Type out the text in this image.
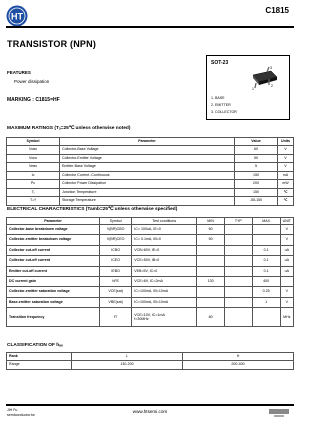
HT
C1815
TRANSISTOR (NPN)
FEATURES
Power dissipation
MARKING : C1815=HF
SOT-23
1
2
3
1. BASE
2. EMITTER
3. COLLECTOR
MAXIMUM RATINGS (Tₐ=25℃ unless otherwise noted)
Symbol	Parameter	Value	Units
Vᴄʙᴏ	Collector-Base Voltage	60	V
Vᴄᴇᴏ	Collector-Emitter Voltage	50	V
Vᴇʙᴏ	Emitter-Base Voltage	5	V
Iᴄ	Collector Current -Continuous	150	mA
Pᴄ	Collector Power Dissipation	200	mW
Tⱼ	Junction Temperature	150	℃
Tₛₜᵍ	Storage Temperature	-55-150	℃
ELECTRICAL CHARACTERISTICS (Tamb=25℃ unless otherwise specified)
Parameter	Symbol	Test conditions	MIN	TYP	MAX	UNIT
Collector-base breakdown voltage	V(BR)CBO	IC= 100uA, IE=0	60			V
Collector-emitter breakdown voltage	V(BR)CEO	IC= 0.1mA, IB=0	50			V
Collector cut-off current	ICBO	VCB=60V, IE=0			0.1	uA
Collector cut-off current	ICEO	VCE=50V, IB=0			0.1	uA
Emitter cut-off current	IEBO	VEB=5V, IC=0			0.1	uA
DC current gain	hFE	VCE=6V, IC=2mA	130		400	
Collector-emitter saturation voltage	VCE(sat)	IC=100mA, IB=10mA			0.25	V
Base-emitter saturation voltage	VBE(sat)	IC=100mA, IB=10mA			1	V
Transition frequency	fT	VCE=10V, IC=1mA
f=30MHz	80			MHz
CLASSIFICATION OF hₒₑ
Rank	L	H
Range	130-200	200-400
JiH Fu
semiconductor.tw
www.htsemi.com
